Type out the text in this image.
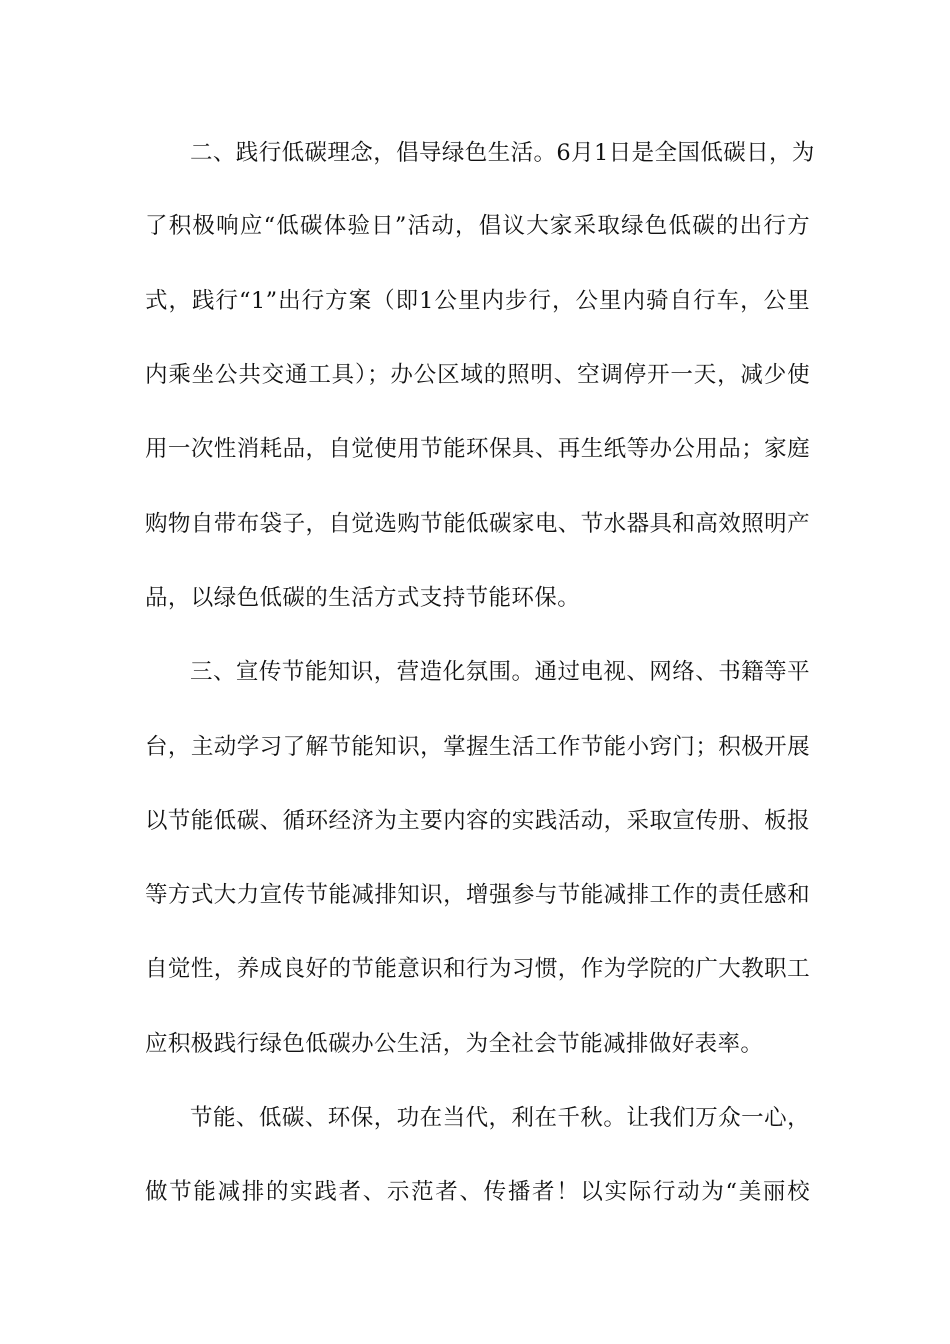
二、践行低碳理念，倡导绿色生活。6月1日是全国低碳日，为
了积极响应“低碳体验日”活动，倡议大家采取绿色低碳的出行方
式，践行“1”出行方案（即1公里内步行，公里内骑自行车，公里
内乘坐公共交通工具）；办公区域的照明、空调停开一天，减少使
用一次性消耗品，自觉使用节能环保具、再生纸等办公用品；家庭
购物自带布袋子，自觉选购节能低碳家电、节水器具和高效照明产
品，以绿色低碳的生活方式支持节能环保。
三、宣传节能知识，营造化氛围。通过电视、网络、书籍等平
台，主动学习了解节能知识，掌握生活工作节能小窍门；积极开展
以节能低碳、循环经济为主要内容的实践活动，采取宣传册、板报
等方式大力宣传节能减排知识，增强参与节能减排工作的责任感和
自觉性，养成良好的节能意识和行为习惯，作为学院的广大教职工
应积极践行绿色低碳办公生活，为全社会节能减排做好表率。
节能、低碳、环保，功在当代，利在千秋。让我们万众一心，
做节能减排的实践者、示范者、传播者！以实际行动为“美丽校
